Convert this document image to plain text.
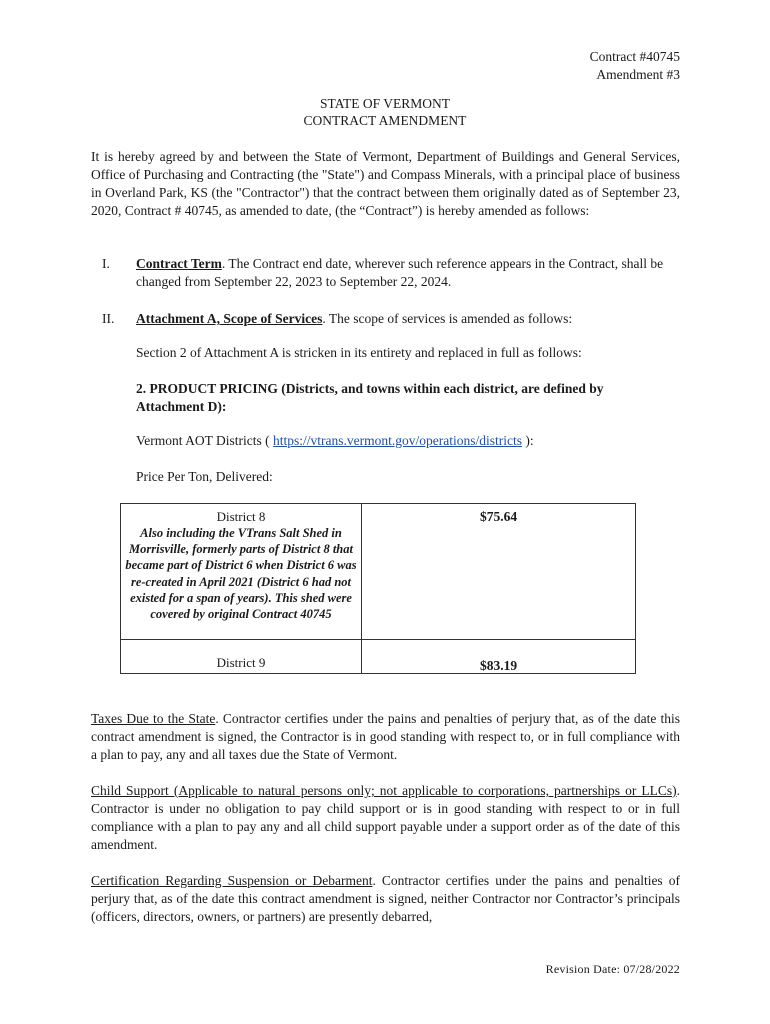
Contract #40745
Amendment #3
STATE OF VERMONT
CONTRACT AMENDMENT
It is hereby agreed by and between the State of Vermont, Department of Buildings and General Services, Office of Purchasing and Contracting (the "State") and Compass Minerals, with a principal place of business in Overland Park, KS (the "Contractor") that the contract between them originally dated as of September 23, 2020, Contract # 40745, as amended to date, (the “Contract”) is hereby amended as follows:
I. Contract Term. The Contract end date, wherever such reference appears in the Contract, shall be changed from September 22, 2023 to September 22, 2024.
II. Attachment A, Scope of Services. The scope of services is amended as follows:
Section 2 of Attachment A is stricken in its entirety and replaced in full as follows:
2. PRODUCT PRICING (Districts, and towns within each district, are defined by Attachment D):
Vermont AOT Districts ( https://vtrans.vermont.gov/operations/districts ):
Price Per Ton, Delivered:
District 8
Also including the VTrans Salt Shed in Morrisville, formerly parts of District 8 that became part of District 6 when District 6 was re-created in April 2021 (District 6 had not existed for a span of years). This shed were covered by original Contract 40745
$75.64
District 9	$83.19
Taxes Due to the State. Contractor certifies under the pains and penalties of perjury that, as of the date this contract amendment is signed, the Contractor is in good standing with respect to, or in full compliance with a plan to pay, any and all taxes due the State of Vermont.
Child Support (Applicable to natural persons only; not applicable to corporations, partnerships or LLCs). Contractor is under no obligation to pay child support or is in good standing with respect to or in full compliance with a plan to pay any and all child support payable under a support order as of the date of this amendment.
Certification Regarding Suspension or Debarment. Contractor certifies under the pains and penalties of perjury that, as of the date this contract amendment is signed, neither Contractor nor Contractor’s principals (officers, directors, owners, or partners) are presently debarred,
Revision Date: 07/28/2022
